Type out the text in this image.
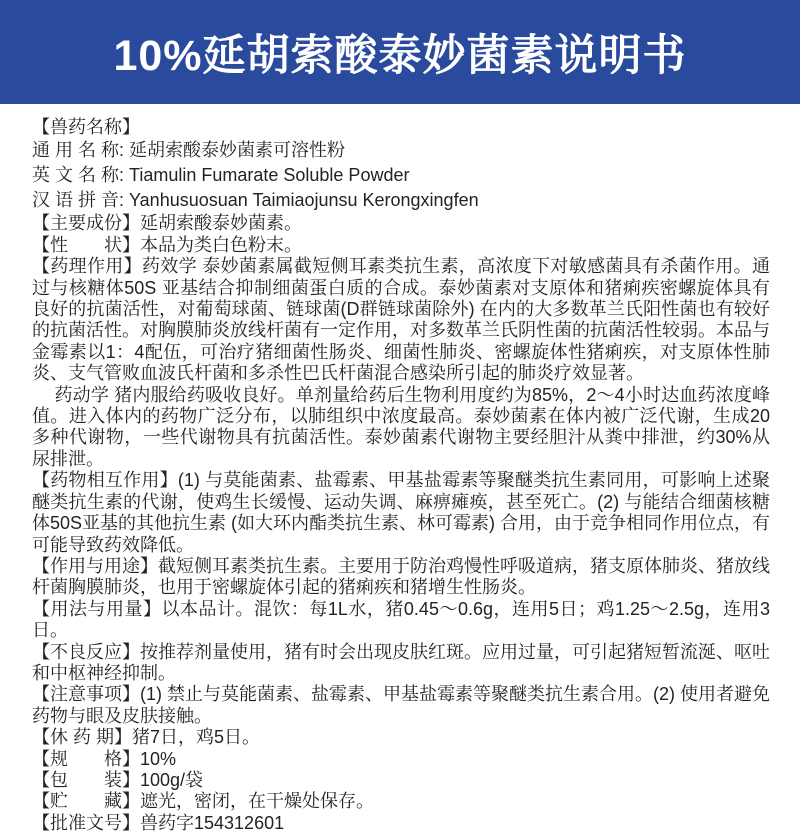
10%延胡索酸泰妙菌素说明书

【兽药名称】

通 用 名 称: 延胡索酸泰妙菌素可溶性粉

英 文 名 称: Tiamulin Fumarate Soluble Powder

汉 语 拼 音: Yanhusuosuan Taimiaojunsu Kerongxingfen

【主要成份】延胡索酸泰妙菌素。

【性　　状】本品为类白色粉末。

【药理作用】药效学 泰妙菌素属截短侧耳素类抗生素，高浓度下对敏感菌具有杀菌作用。通过与核糖体50S 亚基结合抑制细菌蛋白质的合成。泰妙菌素对支原体和猪痢疾密螺旋体具有良好的抗菌活性，对葡萄球菌、链球菌(D群链球菌除外) 在内的大多数革兰氏阳性菌也有较好的抗菌活性。对胸膜肺炎放线杆菌有一定作用，对多数革兰氏阴性菌的抗菌活性较弱。本品与金霉素以1：4配伍，可治疗猪细菌性肠炎、细菌性肺炎、密螺旋体性猪痢疾，对支原体性肺炎、支气管败血波氏杆菌和多杀性巴氏杆菌混合感染所引起的肺炎疗效显著。

药动学 猪内服给药吸收良好。单剂量给药后生物利用度约为85%，2～4小时达血药浓度峰值。进入体内的药物广泛分布，以肺组织中浓度最高。泰妙菌素在体内被广泛代谢，生成20多种代谢物，一些代谢物具有抗菌活性。泰妙菌素代谢物主要经胆汁从粪中排泄，约30%从尿排泄。

【药物相互作用】(1) 与莫能菌素、盐霉素、甲基盐霉素等聚醚类抗生素同用，可影响上述聚醚类抗生素的代谢，使鸡生长缓慢、运动失调、麻痹瘫痪，甚至死亡。(2) 与能结合细菌核糖体50S亚基的其他抗生素 (如大环内酯类抗生素、林可霉素) 合用，由于竞争相同作用位点，有可能导致药效降低。

【作用与用途】截短侧耳素类抗生素。主要用于防治鸡慢性呼吸道病，猪支原体肺炎、猪放线杆菌胸膜肺炎，也用于密螺旋体引起的猪痢疾和猪增生性肠炎。

【用法与用量】以本品计。混饮：每1L水，猪0.45～0.6g，连用5日；鸡1.25～2.5g，连用3日。

【不良反应】按推荐剂量使用，猪有时会出现皮肤红斑。应用过量，可引起猪短暂流涎、呕吐和中枢神经抑制。

【注意事项】(1) 禁止与莫能菌素、盐霉素、甲基盐霉素等聚醚类抗生素合用。(2) 使用者避免药物与眼及皮肤接触。

【休 药 期】猪7日，鸡5日。

【规　　格】10%

【包　　装】100g/袋

【贮　　藏】遮光，密闭，在干燥处保存。

【批准文号】兽药字154312601
